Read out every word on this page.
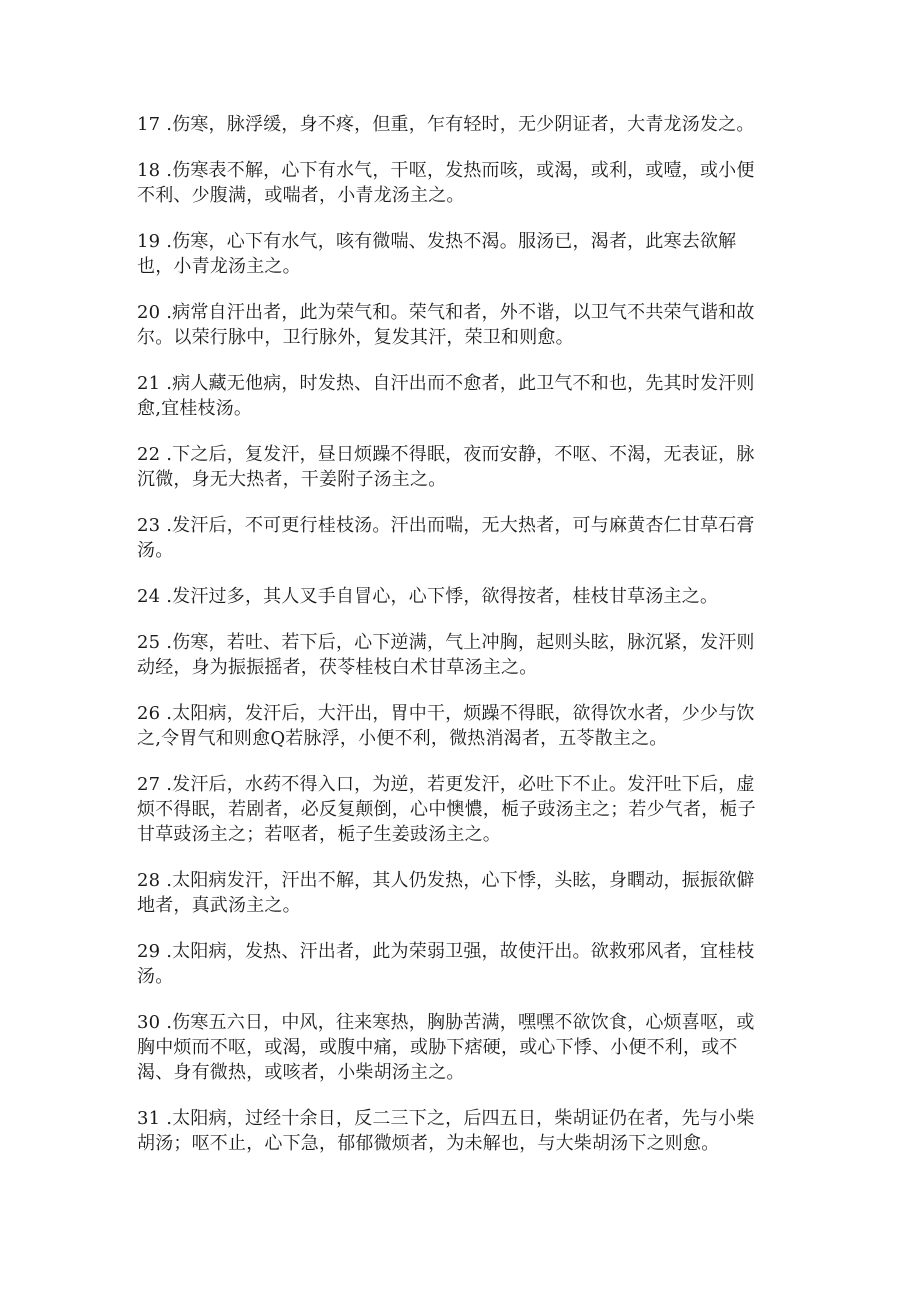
17 .伤寒，脉浮缓，身不疼，但重，乍有轻时，无少阴证者，大青龙汤发之。
18 .伤寒表不解，心下有水气，干呕，发热而咳，或渴，或利，或噎，或小便
不利、少腹满，或喘者，小青龙汤主之。
19 .伤寒，心下有水气，咳有微喘、发热不渴。服汤已，渴者，此寒去欲解
也，小青龙汤主之。
20 .病常自汗出者，此为荣气和。荣气和者，外不谐，以卫气不共荣气谐和故
尔。以荣行脉中，卫行脉外，复发其汗，荣卫和则愈。
21 .病人藏无他病，时发热、自汗出而不愈者，此卫气不和也，先其时发汗则
愈,宜桂枝汤。
22 .下之后，复发汗，昼日烦躁不得眠，夜而安静，不呕、不渴，无表证，脉
沉微，身无大热者，干姜附子汤主之。
23 .发汗后，不可更行桂枝汤。汗出而喘，无大热者，可与麻黄杏仁甘草石膏
汤。
24 .发汗过多，其人叉手自冒心，心下悸，欲得按者，桂枝甘草汤主之。
25 .伤寒，若吐、若下后，心下逆满，气上冲胸，起则头眩，脉沉紧，发汗则
动经，身为振振摇者，茯苓桂枝白术甘草汤主之。
26 .太阳病，发汗后，大汗出，胃中干，烦躁不得眠，欲得饮水者，少少与饮
之,令胃气和则愈Q若脉浮，小便不利，微热消渴者，五苓散主之。
27 .发汗后，水药不得入口，为逆，若更发汗，必吐下不止。发汗吐下后，虚
烦不得眠，若剧者，必反复颠倒，心中懊憹，栀子豉汤主之；若少气者，栀子
甘草豉汤主之；若呕者，栀子生姜豉汤主之。
28 .太阳病发汗，汗出不解，其人仍发热，心下悸，头眩，身瞤动，振振欲僻
地者，真武汤主之。
29 .太阳病，发热、汗出者，此为荣弱卫强，故使汗出。欲救邪风者，宜桂枝
汤。
30 .伤寒五六日，中风，往来寒热，胸胁苦满，嘿嘿不欲饮食，心烦喜呕，或
胸中烦而不呕，或渴，或腹中痛，或胁下痞硬，或心下悸、小便不利，或不
渴、身有微热，或咳者，小柴胡汤主之。
31 .太阳病，过经十余日，反二三下之，后四五日，柴胡证仍在者，先与小柴
胡汤；呕不止，心下急，郁郁微烦者，为未解也，与大柴胡汤下之则愈。
